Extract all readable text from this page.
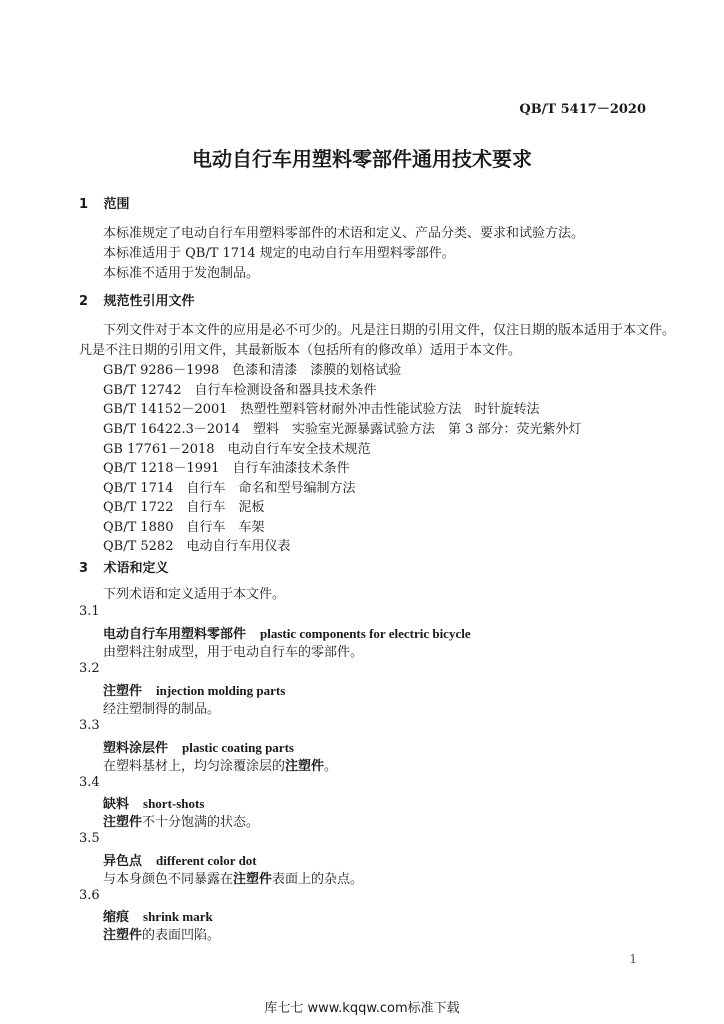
QB/T 5417－2020
电动自行车用塑料零部件通用技术要求
1 范围
本标准规定了电动自行车用塑料零部件的术语和定义、产品分类、要求和试验方法。
本标准适用于 QB/T 1714 规定的电动自行车用塑料零部件。
本标准不适用于发泡制品。
2 规范性引用文件
下列文件对于本文件的应用是必不可少的。凡是注日期的引用文件，仅注日期的版本适用于本文件。
凡是不注日期的引用文件，其最新版本（包括所有的修改单）适用于本文件。
GB/T 9286－1998　色漆和清漆　漆膜的划格试验
GB/T 12742　自行车检测设备和器具技术条件
GB/T 14152－2001　热塑性塑料管材耐外冲击性能试验方法　时针旋转法
GB/T 16422.3－2014　塑料　实验室光源暴露试验方法　第 3 部分：荧光紫外灯
GB 17761－2018　电动自行车安全技术规范
QB/T 1218－1991　自行车油漆技术条件
QB/T 1714　自行车　命名和型号编制方法
QB/T 1722　自行车　泥板
QB/T 1880　自行车　车架
QB/T 5282　电动自行车用仪表
3 术语和定义
下列术语和定义适用于本文件。
3.1
电动自行车用塑料零部件 plastic components for electric bicycle
由塑料注射成型，用于电动自行车的零部件。
3.2
注塑件 injection molding parts
经注塑制得的制品。
3.3
塑料涂层件 plastic coating parts
在塑料基材上，均匀涂覆涂层的注塑件。
3.4
缺料 short-shots
注塑件不十分饱满的状态。
3.5
异色点 different color dot
与本身颜色不同暴露在注塑件表面上的杂点。
3.6
缩痕 shrink mark
注塑件的表面凹陷。
1
库七七 www.kqqw.com标准下载
